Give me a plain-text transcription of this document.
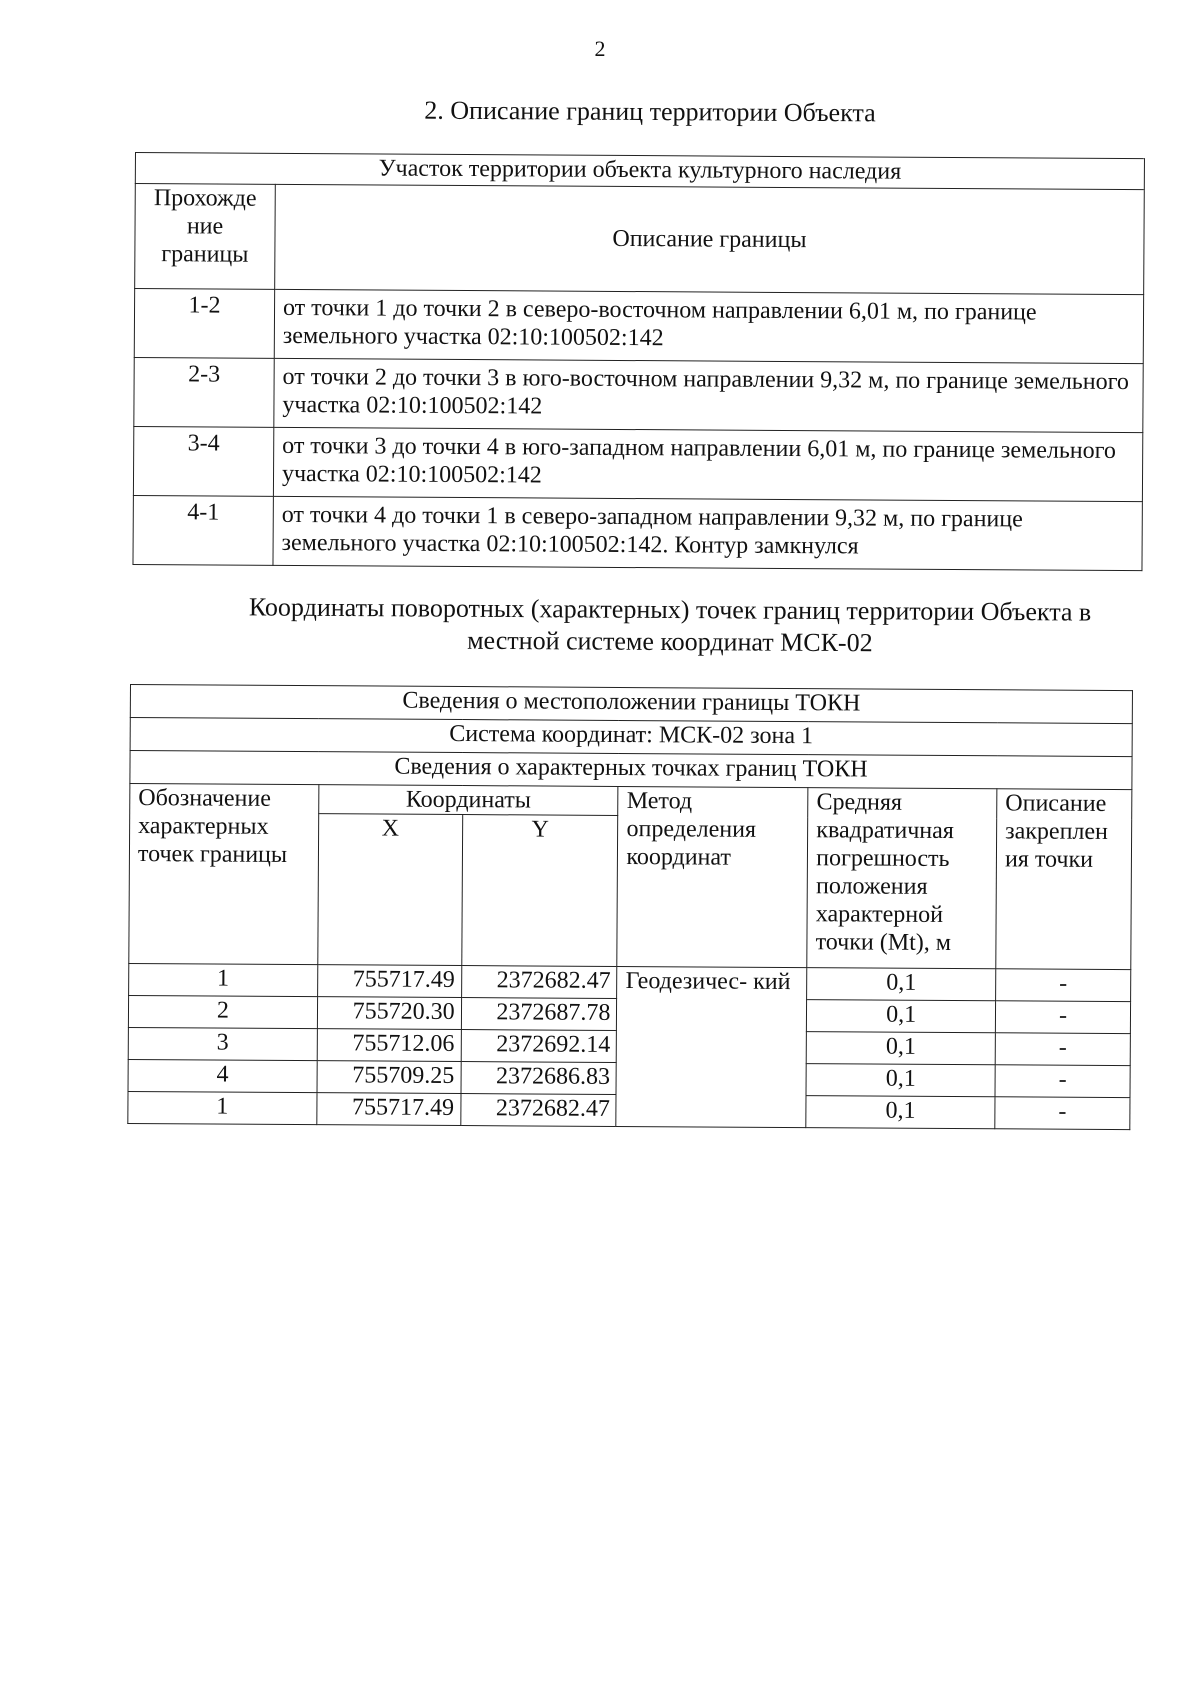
2
2. Описание границ территории Объекта
Участок территории объекта культурного наследия	
Прохожде ние границы	Описание границы
1-2	от точки 1 до точки 2 в северо-восточном направлении 6,01 м, по границе земельного участка 02:10:100502:142
2-3	от точки 2 до точки 3 в юго-восточном направлении 9,32 м, по границе земельного участка 02:10:100502:142
3-4	от точки 3 до точки 4 в юго-западном направлении 6,01 м, по границе земельного участка 02:10:100502:142
4-1	от точки 4 до точки 1 в северо-западном направлении 9,32 м, по границе земельного участка 02:10:100502:142. Контур замкнулся
Координаты поворотных (характерных) точек границ территории Объекта в местной системе координат МСК-02
Сведения о местоположении границы ТОКН					
Система координат: МСК-02 зона 1					
Сведения о характерных точках границ ТОКН					
Обозначение характерных точек границы	Координаты		Метод определения координат	Средняя квадратичная погрешность положения характерной точки (Mt), м	Описание закреплен ия точки
	X	Y			
1	755717.49	2372682.47	Геодезичес- кий	0,1	-
2	755720.30	2372687.78		0,1	-
3	755712.06	2372692.14		0,1	-
4	755709.25	2372686.83		0,1	-
1	755717.49	2372682.47		0,1	-
